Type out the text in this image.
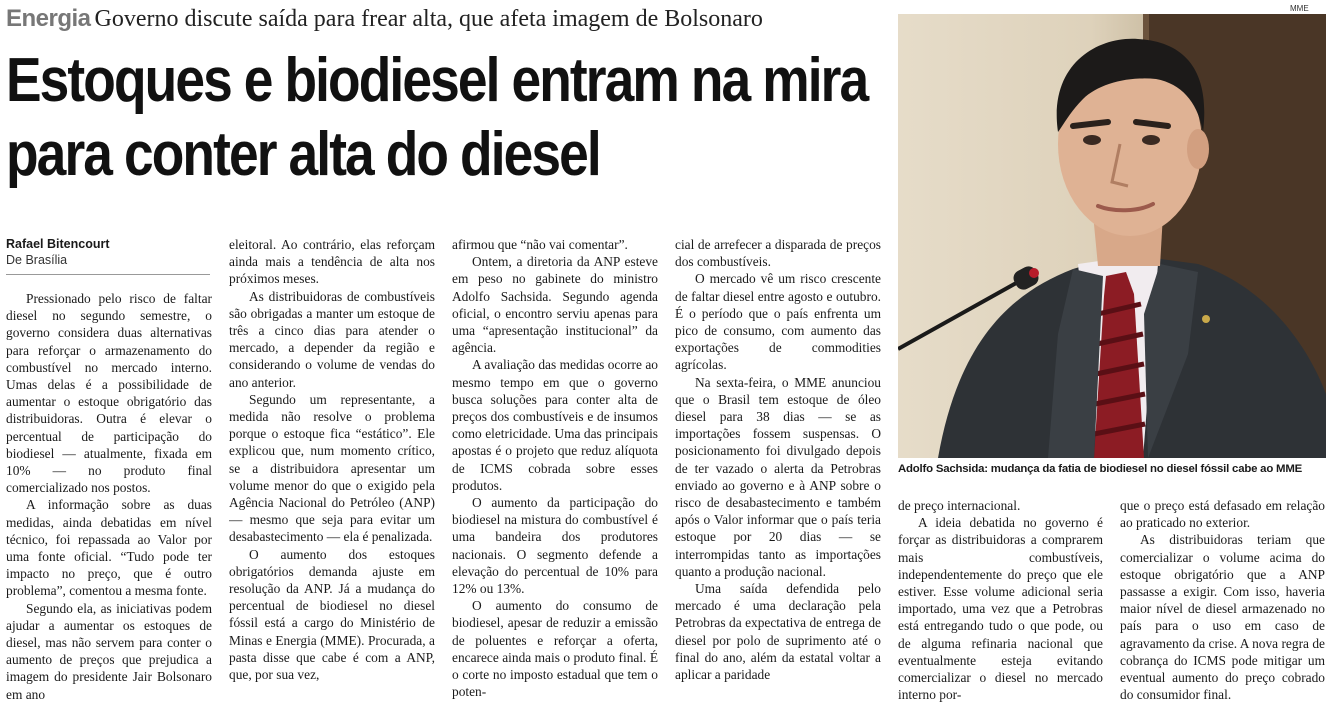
Energia Governo discute saída para frear alta, que afeta imagem de Bolsonaro
Estoques e biodiesel entram na mira para conter alta do diesel
Rafael Bitencourt
De Brasília

Pressionado pelo risco de faltar diesel no segundo semestre, o governo considera duas alternativas para reforçar o armazenamento do combustível no mercado interno. Umas delas é a possibilidade de aumentar o estoque obrigatório das distribuidoras. Outra é elevar o percentual de participação do biodiesel — atualmente, fixada em 10% — no produto final comercializado nos postos.

A informação sobre as duas medidas, ainda debatidas em nível técnico, foi repassada ao Valor por uma fonte oficial. “Tudo pode ter impacto no preço, que é outro problema”, comentou a mesma fonte.

Segundo ela, as iniciativas podem ajudar a aumentar os estoques de diesel, mas não servem para conter o aumento de preços que prejudica a imagem do presidente Jair Bolsonaro em ano

eleitoral. Ao contrário, elas reforçam ainda mais a tendência de alta nos próximos meses.

As distribuidoras de combustíveis são obrigadas a manter um estoque de três a cinco dias para atender o mercado, a depender da região e considerando o volume de vendas do ano anterior.

Segundo um representante, a medida não resolve o problema porque o estoque fica “estático”. Ele explicou que, num momento crítico, se a distribuidora apresentar um volume menor do que o exigido pela Agência Nacional do Petróleo (ANP) — mesmo que seja para evitar um desabastecimento — ela é penalizada.

O aumento dos estoques obrigatórios demanda ajuste em resolução da ANP. Já a mudança do percentual de biodiesel no diesel fóssil está a cargo do Ministério de Minas e Energia (MME). Procurada, a pasta disse que cabe é com a ANP, que, por sua vez,

afirmou que “não vai comentar”.

Ontem, a diretoria da ANP esteve em peso no gabinete do ministro Adolfo Sachsida. Segundo agenda oficial, o encontro serviu apenas para uma “apresentação institucional” da agência.

A avaliação das medidas ocorre ao mesmo tempo em que o governo busca soluções para conter alta de preços dos combustíveis e de insumos como eletricidade. Uma das principais apostas é o projeto que reduz alíquota de ICMS cobrada sobre esses produtos.

O aumento da participação do biodiesel na mistura do combustível é uma bandeira dos produtores nacionais. O segmento defende a elevação do percentual de 10% para 12% ou 13%.

O aumento do consumo de biodiesel, apesar de reduzir a emissão de poluentes e reforçar a oferta, encarece ainda mais o produto final. É o corte no imposto estadual que tem o poten-

cial de arrefecer a disparada de preços dos combustíveis.

O mercado vê um risco crescente de faltar diesel entre agosto e outubro. É o período que o país enfrenta um pico de consumo, com aumento das exportações de commodities agrícolas.

Na sexta-feira, o MME anunciou que o Brasil tem estoque de óleo diesel para 38 dias — se as importações fossem suspensas. O posicionamento foi divulgado depois de ter vazado o alerta da Petrobras enviado ao governo e à ANP sobre o risco de desabastecimento e também após o Valor informar que o país teria estoque por 20 dias — se interrompidas tanto as importações quanto a produção nacional.

Uma saída defendida pelo mercado é uma declaração pela Petrobras da expectativa de entrega de diesel por polo de suprimento até o final do ano, além da estatal voltar a aplicar a paridade

MME
Adolfo Sachsida: mudança da fatia de biodiesel no diesel fóssil cabe ao MME

de preço internacional.

A ideia debatida no governo é forçar as distribuidoras a comprarem mais combustíveis, independentemente do preço que ele estiver. Esse volume adicional seria importado, uma vez que a Petrobras está entregando tudo o que pode, ou de alguma refinaria nacional que eventualmente esteja evitando comercializar o diesel no mercado interno por-

que o preço está defasado em relação ao praticado no exterior.

As distribuidoras teriam que comercializar o volume acima do estoque obrigatório que a ANP passasse a exigir. Com isso, haveria maior nível de diesel armazenado no país para o uso em caso de agravamento da crise. A nova regra de cobrança do ICMS pode mitigar um eventual aumento do preço cobrado do consumidor final.
